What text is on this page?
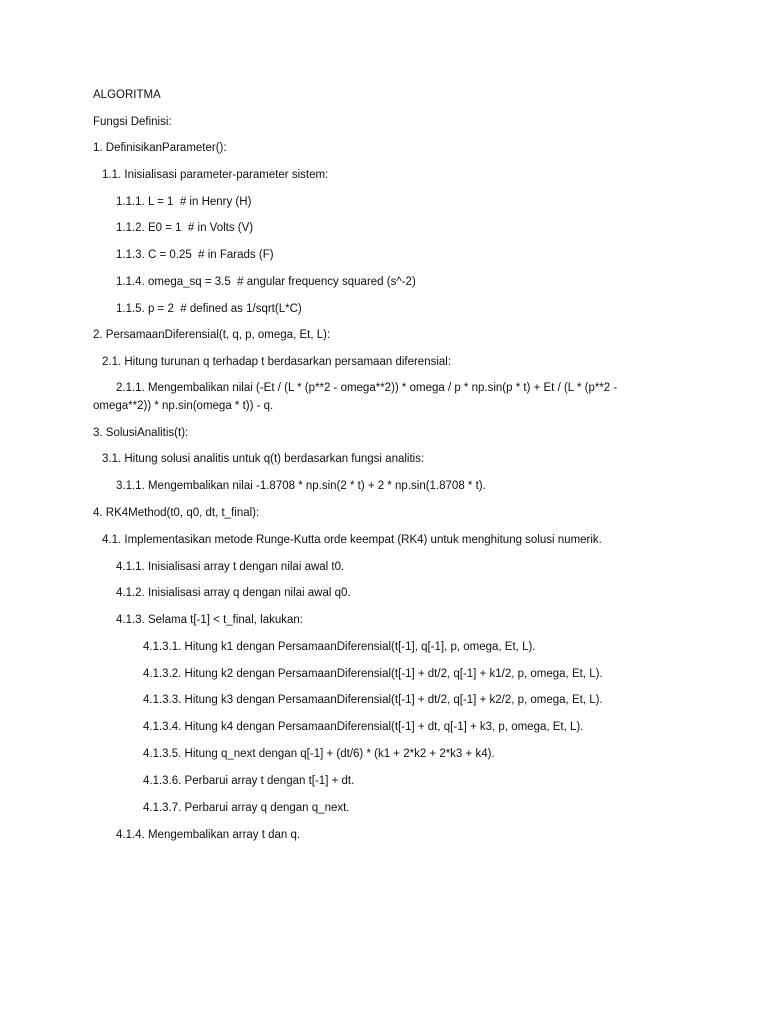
ALGORITMA
Fungsi Definisi:
1. DefinisikanParameter():
1.1. Inisialisasi parameter-parameter sistem:
1.1.1. L = 1  # in Henry (H)
1.1.2. E0 = 1  # in Volts (V)
1.1.3. C = 0.25  # in Farads (F)
1.1.4. omega_sq = 3.5  # angular frequency squared (s^-2)
1.1.5. p = 2  # defined as 1/sqrt(L*C)
2. PersamaanDiferensial(t, q, p, omega, Et, L):
2.1. Hitung turunan q terhadap t berdasarkan persamaan diferensial:
2.1.1. Mengembalikan nilai (-Et / (L * (p**2 - omega**2)) * omega / p * np.sin(p * t) + Et / (L * (p**2 - omega**2)) * np.sin(omega * t)) - q.
3. SolusiAnalitis(t):
3.1. Hitung solusi analitis untuk q(t) berdasarkan fungsi analitis:
3.1.1. Mengembalikan nilai -1.8708 * np.sin(2 * t) + 2 * np.sin(1.8708 * t).
4. RK4Method(t0, q0, dt, t_final):
4.1. Implementasikan metode Runge-Kutta orde keempat (RK4) untuk menghitung solusi numerik.
4.1.1. Inisialisasi array t dengan nilai awal t0.
4.1.2. Inisialisasi array q dengan nilai awal q0.
4.1.3. Selama t[-1] < t_final, lakukan:
4.1.3.1. Hitung k1 dengan PersamaanDiferensial(t[-1], q[-1], p, omega, Et, L).
4.1.3.2. Hitung k2 dengan PersamaanDiferensial(t[-1] + dt/2, q[-1] + k1/2, p, omega, Et, L).
4.1.3.3. Hitung k3 dengan PersamaanDiferensial(t[-1] + dt/2, q[-1] + k2/2, p, omega, Et, L).
4.1.3.4. Hitung k4 dengan PersamaanDiferensial(t[-1] + dt, q[-1] + k3, p, omega, Et, L).
4.1.3.5. Hitung q_next dengan q[-1] + (dt/6) * (k1 + 2*k2 + 2*k3 + k4).
4.1.3.6. Perbarui array t dengan t[-1] + dt.
4.1.3.7. Perbarui array q dengan q_next.
4.1.4. Mengembalikan array t dan q.
